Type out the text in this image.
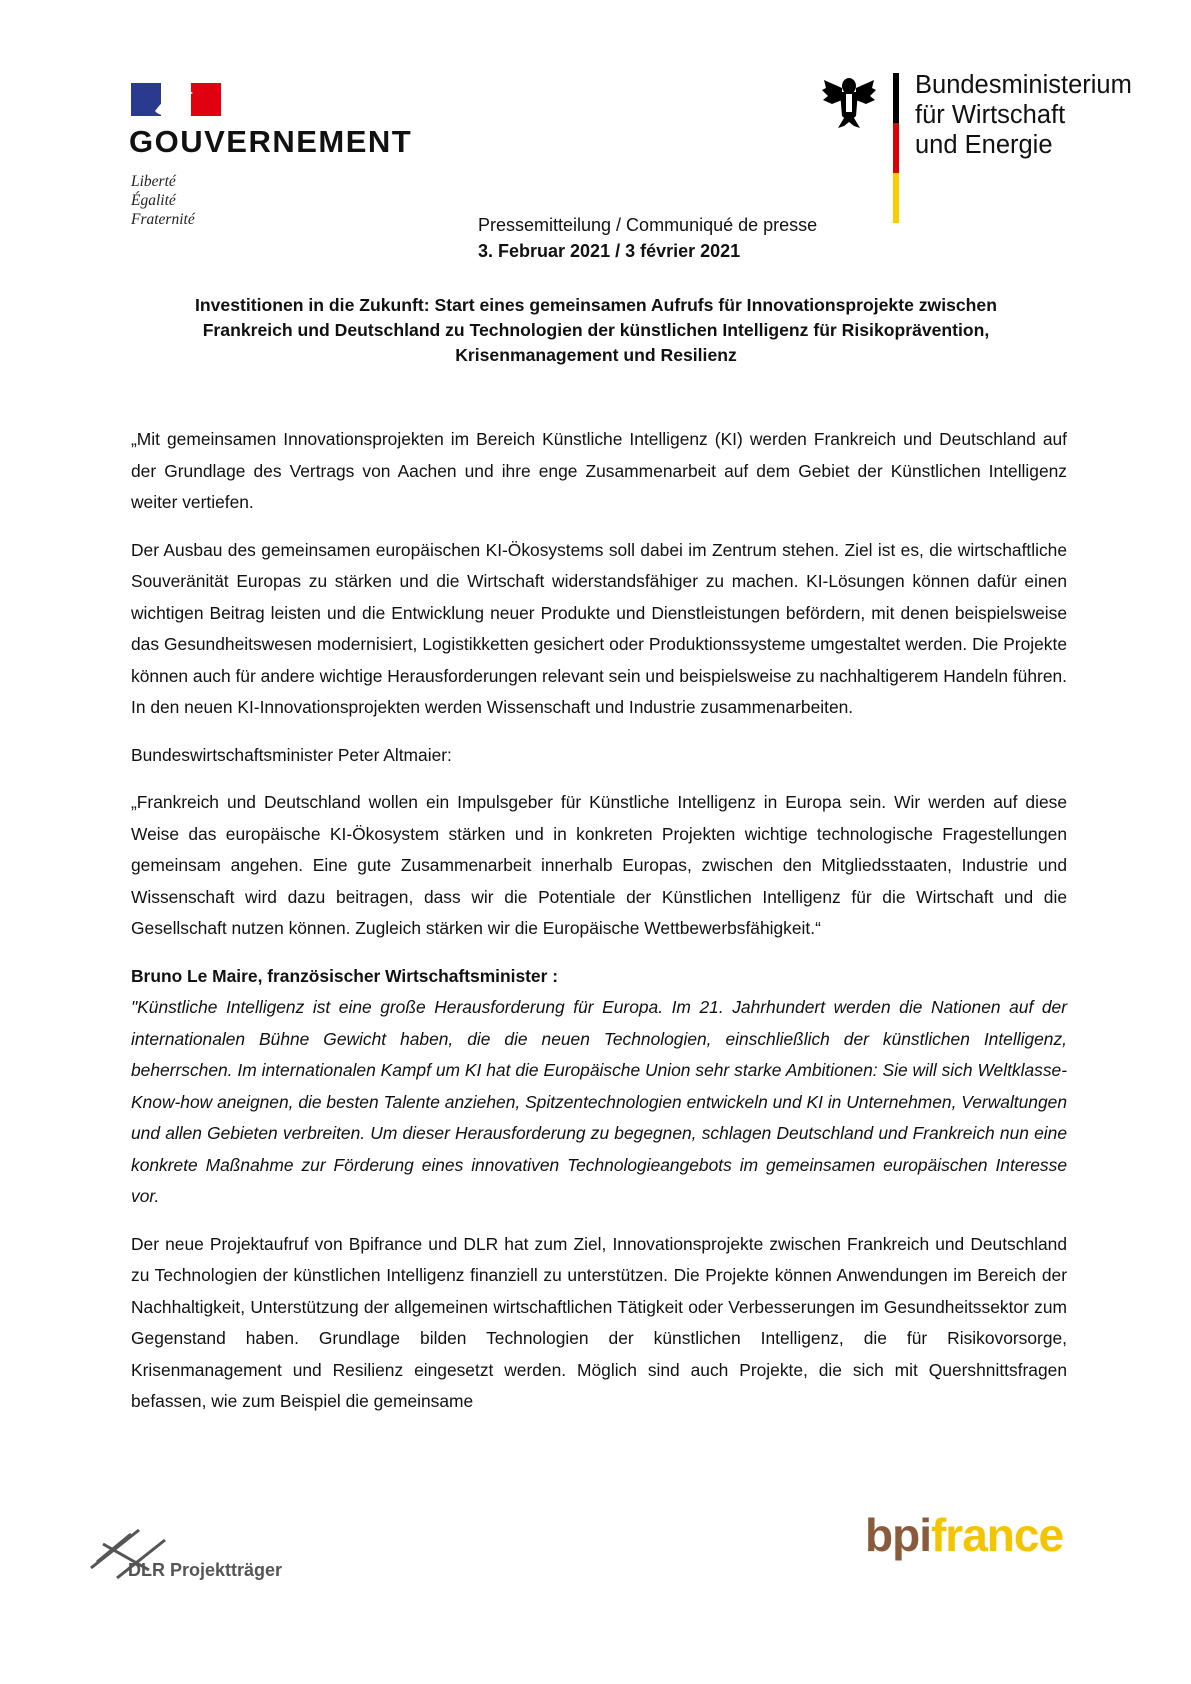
GOUVERNEMENT
Liberté
Égalité
Fraternité
Bundesministerium
für Wirtschaft
und Energie
Pressemitteilung / Communiqué de presse
3. Februar 2021 / 3 février 2021
Investitionen in die Zukunft: Start eines gemeinsamen Aufrufs für Innovationsprojekte zwischen
Frankreich und Deutschland zu Technologien der künstlichen Intelligenz für Risikoprävention,
Krisenmanagement und Resilienz

„Mit gemeinsamen Innovationsprojekten im Bereich Künstliche Intelligenz (KI) werden Frankreich und Deutschland auf der Grundlage des Vertrags von Aachen und ihre enge Zusammenarbeit auf dem Gebiet der Künstlichen Intelligenz weiter vertiefen.

Der Ausbau des gemeinsamen europäischen KI-Ökosystems soll dabei im Zentrum stehen. Ziel ist es, die wirtschaftliche Souveränität Europas zu stärken und die Wirtschaft widerstandsfähiger zu machen. KI-Lösungen können dafür einen wichtigen Beitrag leisten und die Entwicklung neuer Produkte und Dienstleistungen befördern, mit denen beispielsweise das Gesundheitswesen modernisiert, Logistikketten gesichert oder Produktionssysteme umgestaltet werden. Die Projekte können auch für andere wichtige Herausforderungen relevant sein und beispielsweise zu nachhaltigerem Handeln führen. In den neuen KI-Innovationsprojekten werden Wissenschaft und Industrie zusammenarbeiten.

Bundeswirtschaftsminister Peter Altmaier:

„Frankreich und Deutschland wollen ein Impulsgeber für Künstliche Intelligenz in Europa sein. Wir werden auf diese Weise das europäische KI-Ökosystem stärken und in konkreten Projekten wichtige technologische Fragestellungen gemeinsam angehen. Eine gute Zusammenarbeit innerhalb Europas, zwischen den Mitgliedsstaaten, Industrie und Wissenschaft wird dazu beitragen, dass wir die Potentiale der Künstlichen Intelligenz für die Wirtschaft und die Gesellschaft nutzen können. Zugleich stärken wir die Europäische Wettbewerbsfähigkeit.“

Bruno Le Maire, französischer Wirtschaftsminister :

"Künstliche Intelligenz ist eine große Herausforderung für Europa. Im 21. Jahrhundert werden die Nationen auf der internationalen Bühne Gewicht haben, die die neuen Technologien, einschließlich der künstlichen Intelligenz, beherrschen. Im internationalen Kampf um KI hat die Europäische Union sehr starke Ambitionen: Sie will sich Weltklasse-Know-how aneignen, die besten Talente anziehen, Spitzentechnologien entwickeln und KI in Unternehmen, Verwaltungen und allen Gebieten verbreiten. Um dieser Herausforderung zu begegnen, schlagen Deutschland und Frankreich nun eine konkrete Maßnahme zur Förderung eines innovativen Technologieangebots im gemeinsamen europäischen Interesse vor.

Der neue Projektaufruf von Bpifrance und DLR hat zum Ziel, Innovationsprojekte zwischen Frankreich und Deutschland zu Technologien der künstlichen Intelligenz finanziell zu unterstützen. Die Projekte können Anwendungen im Bereich der Nachhaltigkeit, Unterstützung der allgemeinen wirtschaftlichen Tätigkeit oder Verbesserungen im Gesundheitssektor zum Gegenstand haben. Grundlage bilden Technologien der künstlichen Intelligenz, die für Risikovorsorge, Krisenmanagement und Resilienz eingesetzt werden. Möglich sind auch Projekte, die sich mit Quershnittsfragen befassen, wie zum Beispiel die gemeinsame

DLR Projektträger
bpifrance
